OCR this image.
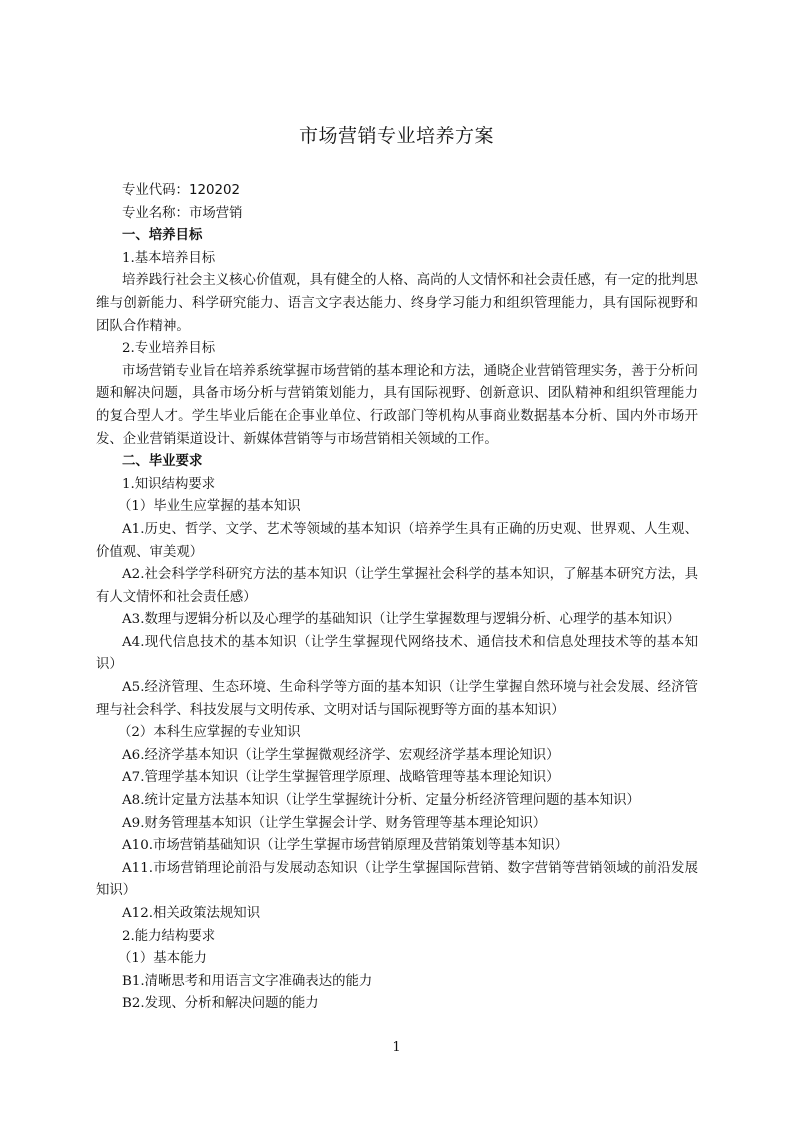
市场营销专业培养方案

专业代码：120202

专业名称：市场营销

一、培养目标

1.基本培养目标

培养践行社会主义核心价值观，具有健全的人格、高尚的人文情怀和社会责任感，有一定的批判思维与创新能力、科学研究能力、语言文字表达能力、终身学习能力和组织管理能力，具有国际视野和团队合作精神。

2.专业培养目标

市场营销专业旨在培养系统掌握市场营销的基本理论和方法，通晓企业营销管理实务，善于分析问题和解决问题，具备市场分析与营销策划能力，具有国际视野、创新意识、团队精神和组织管理能力的复合型人才。学生毕业后能在企事业单位、行政部门等机构从事商业数据基本分析、国内外市场开发、企业营销渠道设计、新媒体营销等与市场营销相关领域的工作。

二、毕业要求

1.知识结构要求

（1）毕业生应掌握的基本知识

A1.历史、哲学、文学、艺术等领域的基本知识（培养学生具有正确的历史观、世界观、人生观、价值观、审美观）

A2.社会科学学科研究方法的基本知识（让学生掌握社会科学的基本知识，了解基本研究方法，具有人文情怀和社会责任感）

A3.数理与逻辑分析以及心理学的基础知识（让学生掌握数理与逻辑分析、心理学的基本知识）

A4.现代信息技术的基本知识（让学生掌握现代网络技术、通信技术和信息处理技术等的基本知识）

A5.经济管理、生态环境、生命科学等方面的基本知识（让学生掌握自然环境与社会发展、经济管理与社会科学、科技发展与文明传承、文明对话与国际视野等方面的基本知识）

（2）本科生应掌握的专业知识

A6.经济学基本知识（让学生掌握微观经济学、宏观经济学基本理论知识）

A7.管理学基本知识（让学生掌握管理学原理、战略管理等基本理论知识）

A8.统计定量方法基本知识（让学生掌握统计分析、定量分析经济管理问题的基本知识）

A9.财务管理基本知识（让学生掌握会计学、财务管理等基本理论知识）

A10.市场营销基础知识（让学生掌握市场营销原理及营销策划等基本知识）

A11.市场营销理论前沿与发展动态知识（让学生掌握国际营销、数字营销等营销领域的前沿发展知识）

A12.相关政策法规知识

2.能力结构要求

（1）基本能力

B1.清晰思考和用语言文字准确表达的能力

B2.发现、分析和解决问题的能力

1
